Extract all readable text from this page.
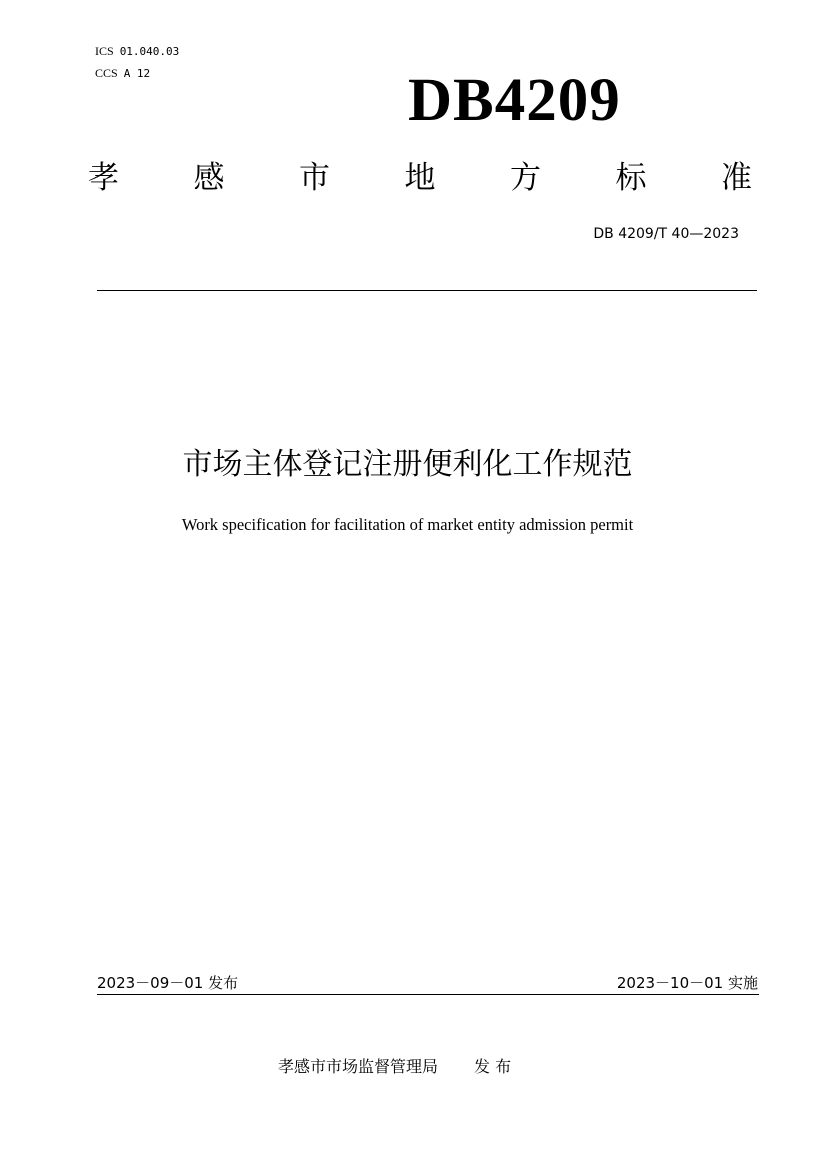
ICS 01.040.03
CCS A 12	DB4209
孝 感 市 地 方 标 准
DB 4209/T 40—2023
市场主体登记注册便利化工作规范
Work specification for facilitation of market entity admission permit
2023－09－01 发布	2023－10－01 实施
孝感市市场监督管理局 发 布
